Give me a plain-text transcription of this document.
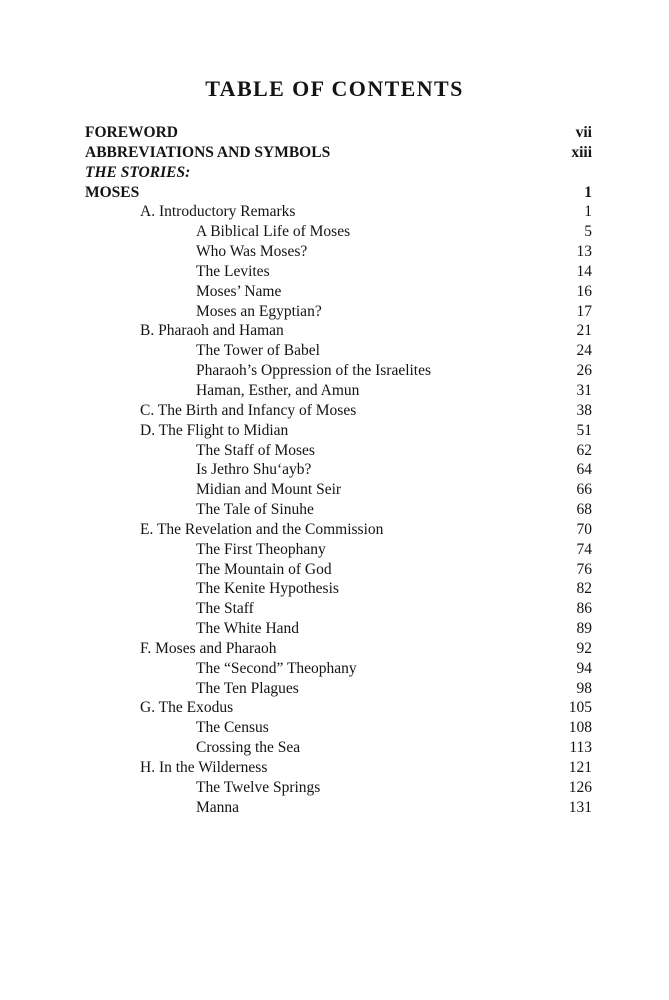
TABLE OF CONTENTS
FOREWORD	vii
ABBREVIATIONS AND SYMBOLS	xiii
THE STORIES:
MOSES	1
A. Introductory Remarks	1
A Biblical Life of Moses	5
Who Was Moses?	13
The Levites	14
Moses’ Name	16
Moses an Egyptian?	17
B. Pharaoh and Haman	21
The Tower of Babel	24
Pharaoh’s Oppression of the Israelites	26
Haman, Esther, and Amun	31
C. The Birth and Infancy of Moses	38
D. The Flight to Midian	51
The Staff of Moses	62
Is Jethro Shu‘ayb?	64
Midian and Mount Seir	66
The Tale of Sinuhe	68
E. The Revelation and the Commission	70
The First Theophany	74
The Mountain of God	76
The Kenite Hypothesis	82
The Staff	86
The White Hand	89
F. Moses and Pharaoh	92
The “Second” Theophany	94
The Ten Plagues	98
G. The Exodus	105
The Census	108
Crossing the Sea	113
H. In the Wilderness	121
The Twelve Springs	126
Manna	131
